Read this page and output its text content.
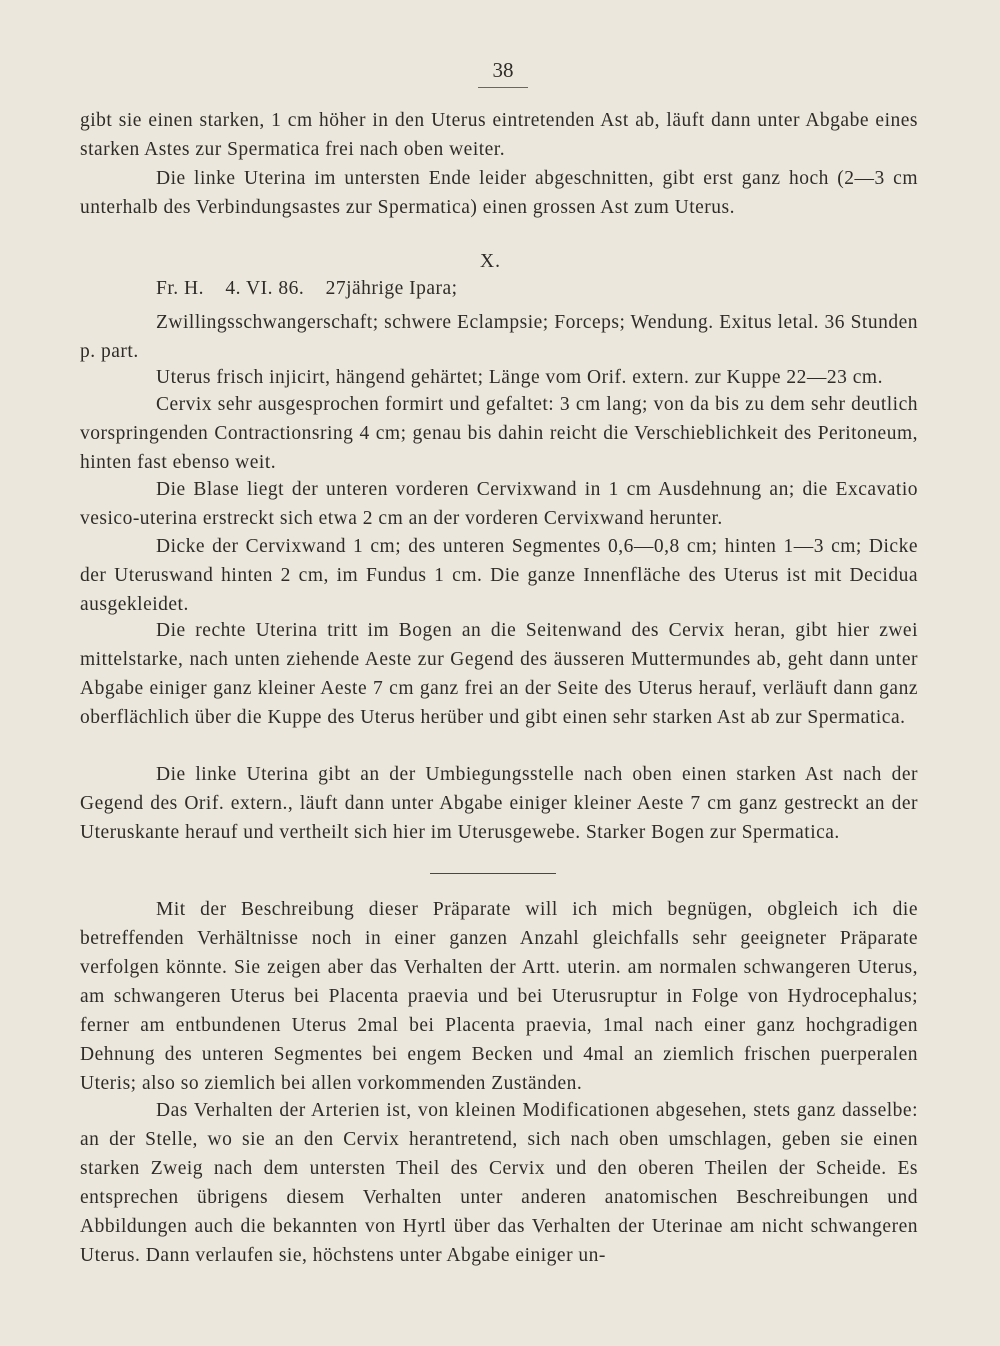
38

gibt sie einen starken, 1 cm höher in den Uterus eintretenden Ast ab, läuft dann unter Abgabe eines starken Astes zur Spermatica frei nach oben weiter.

Die linke Uterina im untersten Ende leider abgeschnitten, gibt erst ganz hoch (2—3 cm unterhalb des Verbindungsastes zur Spermatica) einen grossen Ast zum Uterus.

X.
Fr. H. 4. VI. 86. 27jährige Ipara;

Zwillingsschwangerschaft; schwere Eclampsie; Forceps; Wendung. Exitus letal. 36 Stunden p. part.

Uterus frisch injicirt, hängend gehärtet; Länge vom Orif. extern. zur Kuppe 22—23 cm.

Cervix sehr ausgesprochen formirt und gefaltet: 3 cm lang; von da bis zu dem sehr deutlich vorspringenden Contractionsring 4 cm; genau bis dahin reicht die Verschieblichkeit des Peritoneum, hinten fast ebenso weit.

Die Blase liegt der unteren vorderen Cervixwand in 1 cm Ausdehnung an; die Excavatio vesico-uterina erstreckt sich etwa 2 cm an der vorderen Cervixwand herunter.

Dicke der Cervixwand 1 cm; des unteren Segmentes 0,6—0,8 cm; hinten 1—3 cm; Dicke der Uteruswand hinten 2 cm, im Fundus 1 cm. Die ganze Innenfläche des Uterus ist mit Decidua ausgekleidet.

Die rechte Uterina tritt im Bogen an die Seitenwand des Cervix heran, gibt hier zwei mittelstarke, nach unten ziehende Aeste zur Gegend des äusseren Muttermundes ab, geht dann unter Abgabe einiger ganz kleiner Aeste 7 cm ganz frei an der Seite des Uterus herauf, verläuft dann ganz oberflächlich über die Kuppe des Uterus herüber und gibt einen sehr starken Ast ab zur Spermatica.

Die linke Uterina gibt an der Umbiegungsstelle nach oben einen starken Ast nach der Gegend des Orif. extern., läuft dann unter Abgabe einiger kleiner Aeste 7 cm ganz gestreckt an der Uteruskante herauf und vertheilt sich hier im Uterusgewebe. Starker Bogen zur Spermatica.

Mit der Beschreibung dieser Präparate will ich mich begnügen, obgleich ich die betreffenden Verhältnisse noch in einer ganzen Anzahl gleichfalls sehr geeigneter Präparate verfolgen könnte. Sie zeigen aber das Verhalten der Artt. uterin. am normalen schwangeren Uterus, am schwangeren Uterus bei Placenta praevia und bei Uterusruptur in Folge von Hydrocephalus; ferner am entbundenen Uterus 2mal bei Placenta praevia, 1mal nach einer ganz hochgradigen Dehnung des unteren Segmentes bei engem Becken und 4mal an ziemlich frischen puerperalen Uteris; also so ziemlich bei allen vorkommenden Zuständen.

Das Verhalten der Arterien ist, von kleinen Modificationen abgesehen, stets ganz dasselbe: an der Stelle, wo sie an den Cervix herantretend, sich nach oben umschlagen, geben sie einen starken Zweig nach dem untersten Theil des Cervix und den oberen Theilen der Scheide. Es entsprechen übrigens diesem Verhalten unter anderen anatomischen Beschreibungen und Abbildungen auch die bekannten von Hyrtl über das Verhalten der Uterinae am nicht schwangeren Uterus. Dann verlaufen sie, höchstens unter Abgabe einiger un-
